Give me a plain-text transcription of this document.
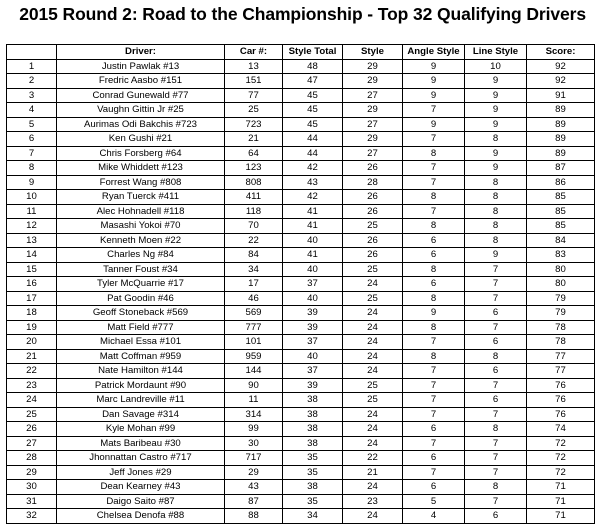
2015 Round 2: Road to the Championship - Top 32 Qualifying Drivers
	Driver:	Car #:	Style Total	Style	Angle Style	Line Style	Score:
1	Justin Pawlak #13	13	48	29	9	10	92
2	Fredric Aasbo #151	151	47	29	9	9	92
3	Conrad Gunewald #77	77	45	27	9	9	91
4	Vaughn Gittin Jr #25	25	45	29	7	9	89
5	Aurimas Odi Bakchis #723	723	45	27	9	9	89
6	Ken Gushi #21	21	44	29	7	8	89
7	Chris Forsberg #64	64	44	27	8	9	89
8	Mike Whiddett #123	123	42	26	7	9	87
9	Forrest Wang #808	808	43	28	7	8	86
10	Ryan Tuerck #411	411	42	26	8	8	85
11	Alec Hohnadell #118	118	41	26	7	8	85
12	Masashi Yokoi #70	70	41	25	8	8	85
13	Kenneth Moen #22	22	40	26	6	8	84
14	Charles Ng #84	84	41	26	6	9	83
15	Tanner Foust #34	34	40	25	8	7	80
16	Tyler McQuarrie #17	17	37	24	6	7	80
17	Pat Goodin #46	46	40	25	8	7	79
18	Geoff Stoneback #569	569	39	24	9	6	79
19	Matt Field #777	777	39	24	8	7	78
20	Michael Essa #101	101	37	24	7	6	78
21	Matt Coffman #959	959	40	24	8	8	77
22	Nate Hamilton #144	144	37	24	7	6	77
23	Patrick Mordaunt #90	90	39	25	7	7	76
24	Marc Landreville #11	11	38	25	7	6	76
25	Dan Savage #314	314	38	24	7	7	76
26	Kyle Mohan #99	99	38	24	6	8	74
27	Mats Baribeau #30	30	38	24	7	7	72
28	Jhonnattan Castro #717	717	35	22	6	7	72
29	Jeff Jones #29	29	35	21	7	7	72
30	Dean Kearney #43	43	38	24	6	8	71
31	Daigo Saito #87	87	35	23	5	7	71
32	Chelsea Denofa #88	88	34	24	4	6	71
